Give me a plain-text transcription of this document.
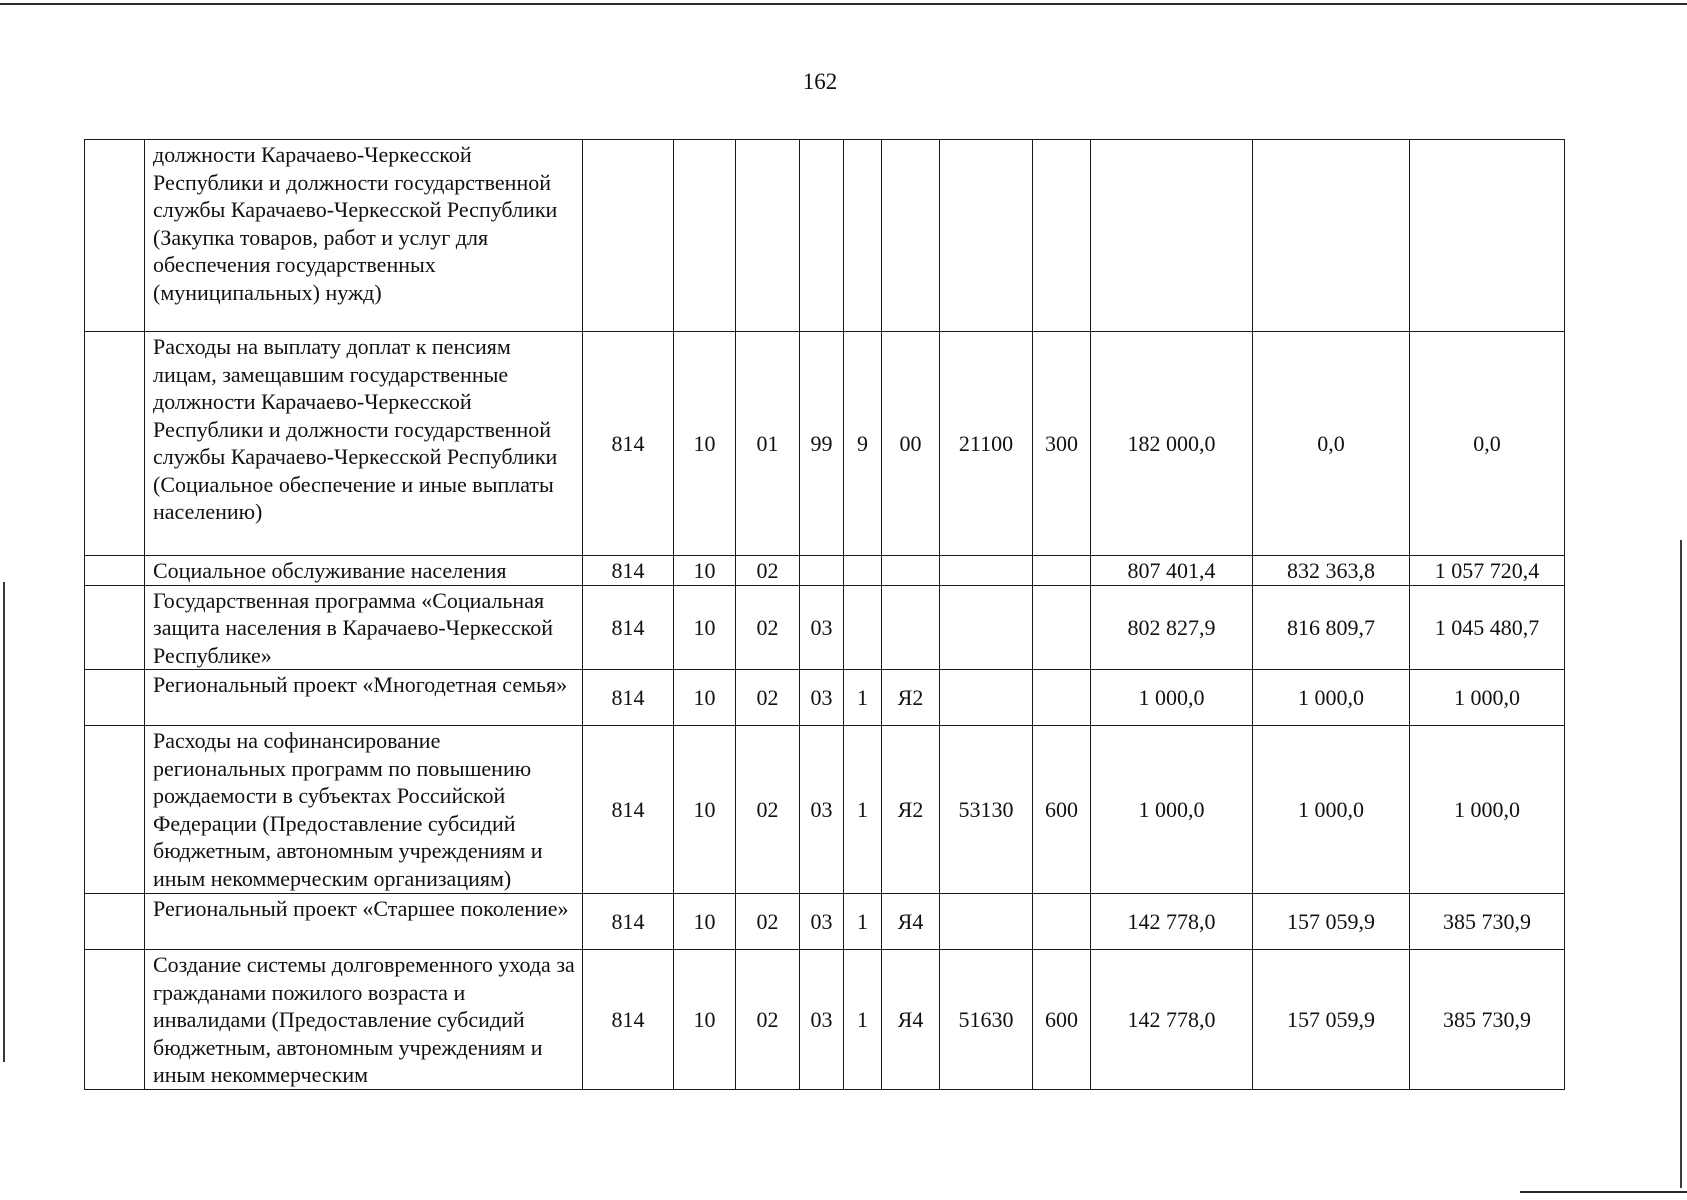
162
	должности Карачаево-Черкесской Республики и должности государственной службы Карачаево-Черкесской Республики (Закупка товаров, работ и услуг для обеспечения государственных (муниципальных) нужд)											
	Расходы на выплату доплат к пенсиям лицам, замещавшим государственные должности Карачаево-Черкесской Республики и должности государственной службы Карачаево-Черкесской Республики (Социальное обеспечение и иные выплаты населению)	814	10	01	99	9	00	21100	300	182 000,0	0,0	0,0
	Социальное обслуживание населения	814	10	02						807 401,4	832 363,8	1 057 720,4
	Государственная программа «Социальная защита населения в Карачаево-Черкесской Республике»	814	10	02	03					802 827,9	816 809,7	1 045 480,7
	Региональный проект «Многодетная семья»	814	10	02	03	1	Я2			1 000,0	1 000,0	1 000,0
	Расходы на софинансирование региональных программ по повышению рождаемости в субъектах Российской Федерации (Предоставление субсидий бюджетным, автономным учреждениям и иным некоммерческим организациям)	814	10	02	03	1	Я2	53130	600	1 000,0	1 000,0	1 000,0
	Региональный проект «Старшее поколение»	814	10	02	03	1	Я4			142 778,0	157 059,9	385 730,9
	Создание системы долговременного ухода за гражданами пожилого возраста и инвалидами (Предоставление субсидий бюджетным, автономным учреждениям и иным некоммерческим	814	10	02	03	1	Я4	51630	600	142 778,0	157 059,9	385 730,9
